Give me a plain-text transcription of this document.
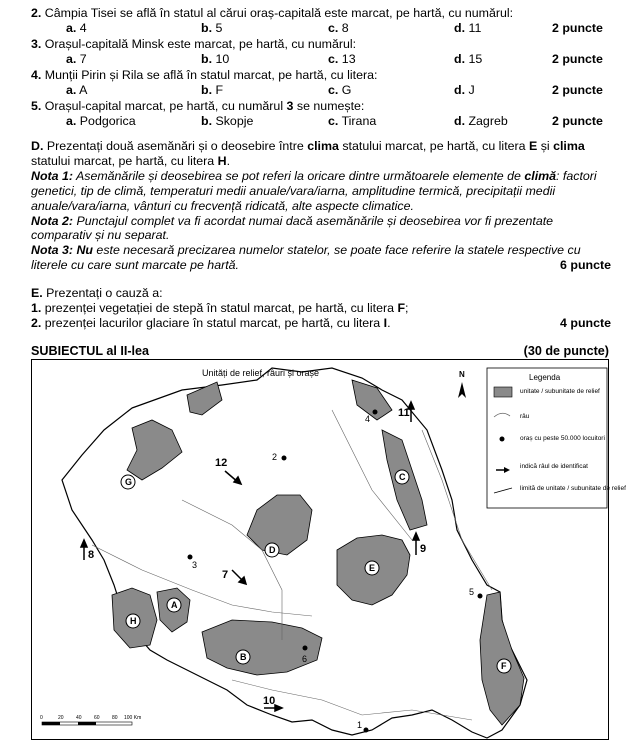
2. Câmpia Tisei se află în statul al cărui oraș-capitală este marcat, pe hartă, cu numărul:
a. 4	b. 5	c. 8	d. 11	2 puncte
3. Orașul-capitală Minsk este marcat, pe hartă, cu numărul:
a. 7	b. 10	c. 13	d. 15	2 puncte
4. Munții Pirin și Rila se află în statul marcat, pe hartă, cu litera:
a. A	b. F	c. G	d. J	2 puncte
5. Orașul-capital marcat, pe hartă, cu numărul 3 se numește:
a. Podgorica	b. Skopje	c. Tirana	d. Zagreb	2 puncte
D. Prezentați două asemănări și o deosebire între clima statului marcat, pe hartă, cu litera E și clima statului marcat, pe hartă, cu litera H.
Nota 1: Asemănările și deosebirea se pot referi la oricare dintre următoarele elemente de climă: factori genetici, tip de climă, temperaturi medii anuale/vara/iarna, amplitudine termică, precipitații medii anuale/vara/iarna, vânturi cu frecvență ridicată, alte aspecte climatice.
Nota 2: Punctajul complet va fi acordat numai dacă asemănările și deosebirea vor fi prezentate comparativ și nu separat.
Nota 3: Nu este necesară precizarea numelor statelor, se poate face referire la statele respective cu literele cu care sunt marcate pe hartă.	6 puncte
E. Prezentați o cauză a:
1. prezenței vegetației de stepă în statul marcat, pe hartă, cu litera F;
2. prezenței lacurilor glaciare în statul marcat, pe hartă, cu litera I.	4 puncte
SUBIECTUL al II-lea	(30 de puncte)
Unități de relief, râuri și orașe	N
1
2
3
4
5
6
7
8	9
10
11
12
A
B
C
D
E
F
G
H
0	20 40 60 80 100 Km
Legenda
unitate / subunitate de relief
râu
oraș cu peste 50.000 locuitori
indică râul de identificat
limită de unitate / subunitate de relief
